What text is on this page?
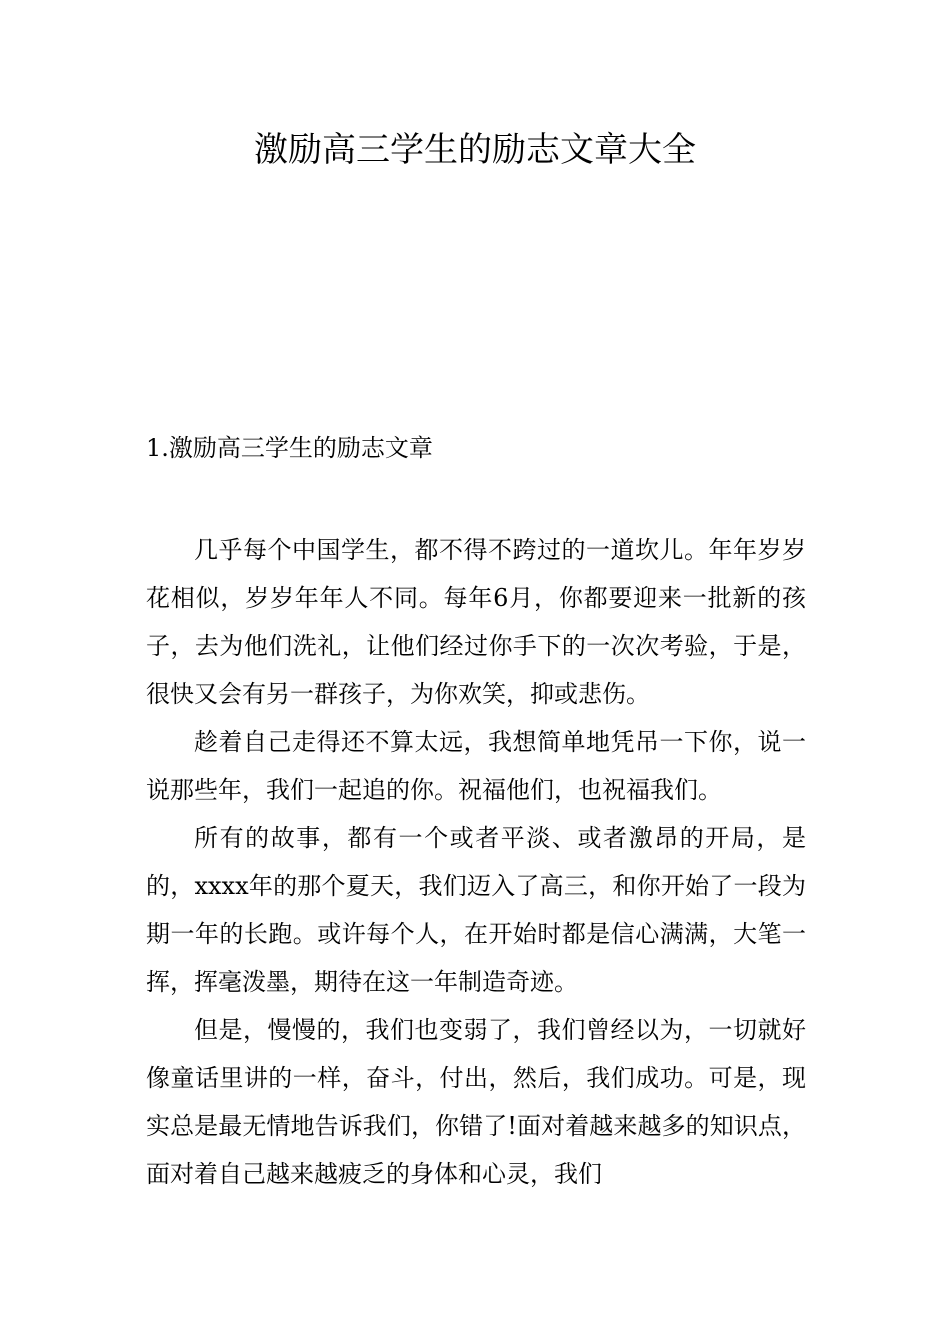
激励高三学生的励志文章大全
1.激励高三学生的励志文章

几乎每个中国学生，都不得不跨过的一道坎儿。年年岁岁花相似，岁岁年年人不同。每年6月，你都要迎来一批新的孩子，去为他们洗礼，让他们经过你手下的一次次考验，于是，很快又会有另一群孩子，为你欢笑，抑或悲伤。

趁着自己走得还不算太远，我想简单地凭吊一下你，说一说那些年，我们一起追的你。祝福他们，也祝福我们。

所有的故事，都有一个或者平淡、或者激昂的开局，是的，xxxx年的那个夏天，我们迈入了高三，和你开始了一段为期一年的长跑。或许每个人，在开始时都是信心满满，大笔一挥，挥毫泼墨，期待在这一年制造奇迹。

但是，慢慢的，我们也变弱了，我们曾经以为，一切就好像童话里讲的一样，奋斗，付出，然后，我们成功。可是，现实总是最无情地告诉我们，你错了!面对着越来越多的知识点，面对着自己越来越疲乏的身体和心灵，我们
